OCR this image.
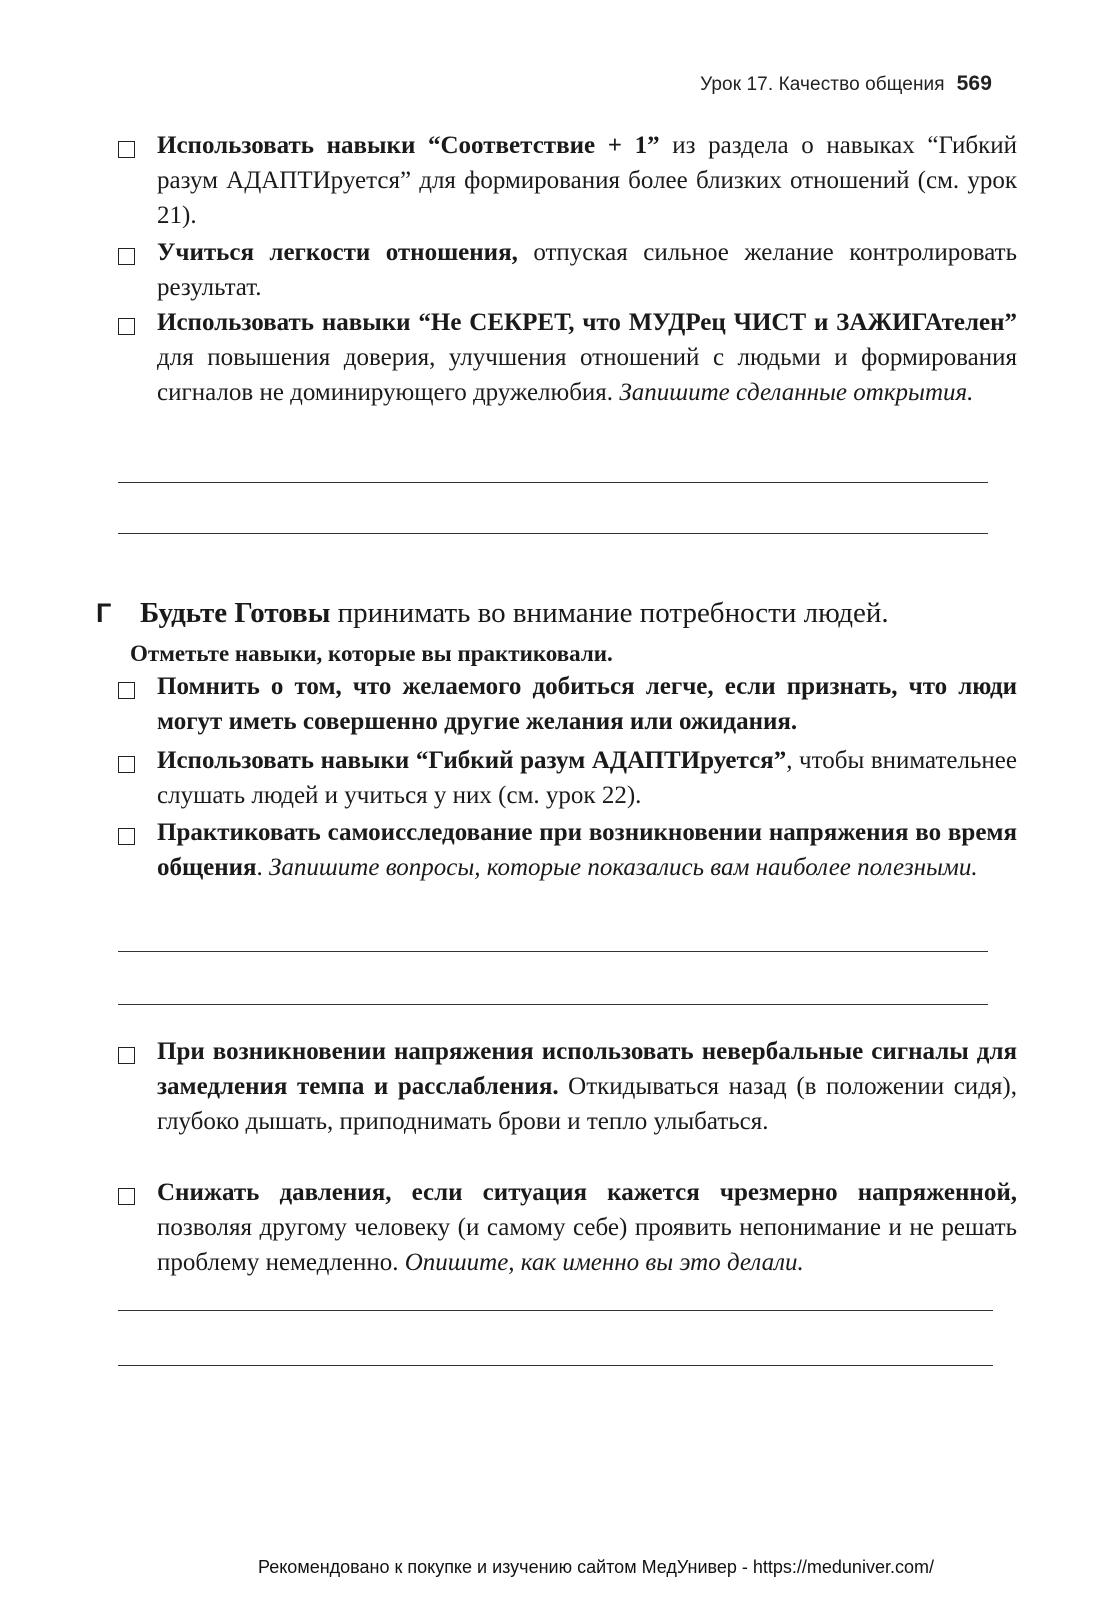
Урок 17. Качество общения 569
Использовать навыки “Соответствие + 1” из раздела о навыках “Гибкий разум АДАПТИруется” для формирования более близких отношений (см. урок 21).
Учиться легкости отношения, отпуская сильное желание контролировать результат.
Использовать навыки “Не СЕКРЕТ, что МУДРец ЧИСТ и ЗАЖИГАтелен” для повышения доверия, улучшения отношений с людьми и формирования сигналов не доминирующего дружелюбия. Запишите сделанные открытия.
Г Будьте Готовы принимать во внимание потребности людей.
Отметьте навыки, которые вы практиковали.
Помнить о том, что желаемого добиться легче, если признать, что люди могут иметь совершенно другие желания или ожидания.
Использовать навыки “Гибкий разум АДАПТИруется”, чтобы внимательнее слушать людей и учиться у них (см. урок 22).
Практиковать самоисследование при возникновении напряжения во время общения. Запишите вопросы, которые показались вам наиболее полезными.
При возникновении напряжения использовать невербальные сигналы для замедления темпа и расслабления. Откидываться назад (в положении сидя), глубоко дышать, приподнимать брови и тепло улыбаться.
Снижать давления, если ситуация кажется чрезмерно напряженной, позволяя другому человеку (и самому себе) проявить непонимание и не решать проблему немедленно. Опишите, как именно вы это делали.
Рекомендовано к покупке и изучению сайтом МедУнивер - https://meduniver.com/
